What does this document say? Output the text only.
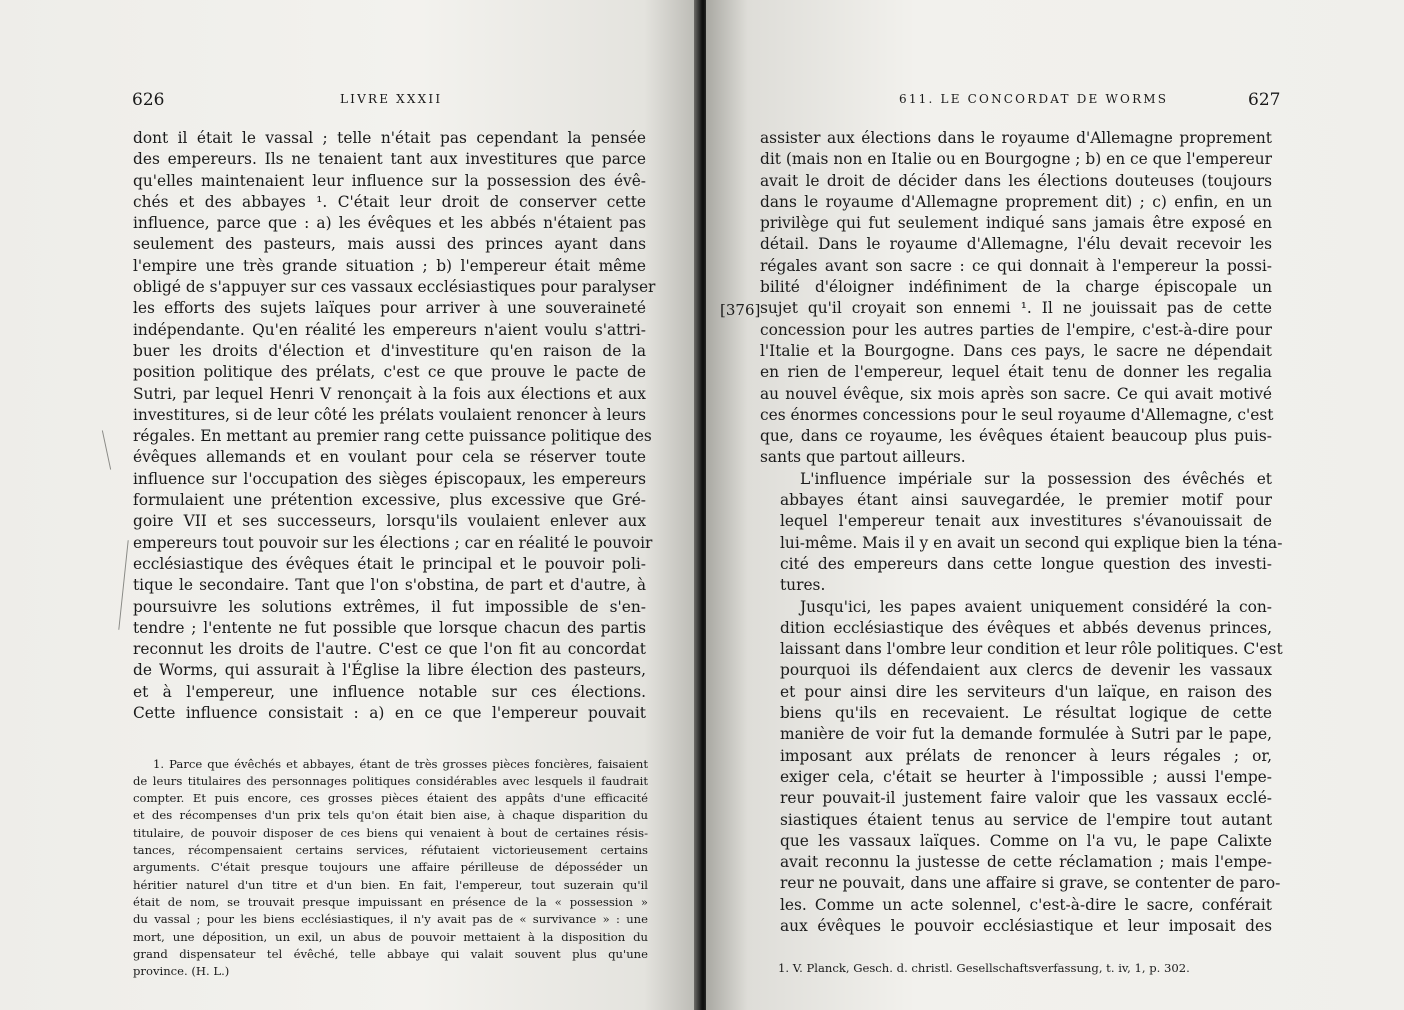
626	LIVRE XXXII

dont il était le vassal ; telle n'était pas cependant la pensée
des empereurs. Ils ne tenaient tant aux investitures que parce
qu'elles maintenaient leur influence sur la possession des évê-
chés et des abbayes ¹. C'était leur droit de conserver cette
influence, parce que : a) les évêques et les abbés n'étaient pas
seulement des pasteurs, mais aussi des princes ayant dans
l'empire une très grande situation ; b) l'empereur était même
obligé de s'appuyer sur ces vassaux ecclésiastiques pour paralyser
les efforts des sujets laïques pour arriver à une souveraineté
indépendante. Qu'en réalité les empereurs n'aient voulu s'attri-
buer les droits d'élection et d'investiture qu'en raison de la
position politique des prélats, c'est ce que prouve le pacte de
Sutri, par lequel Henri V renonçait à la fois aux élections et aux
investitures, si de leur côté les prélats voulaient renoncer à leurs
régales. En mettant au premier rang cette puissance politique des
évêques allemands et en voulant pour cela se réserver toute
influence sur l'occupation des sièges épiscopaux, les empereurs
formulaient une prétention excessive, plus excessive que Gré-
goire VII et ses successeurs, lorsqu'ils voulaient enlever aux
empereurs tout pouvoir sur les élections ; car en réalité le pouvoir
ecclésiastique des évêques était le principal et le pouvoir poli-
tique le secondaire. Tant que l'on s'obstina, de part et d'autre, à
poursuivre les solutions extrêmes, il fut impossible de s'en-
tendre ; l'entente ne fut possible que lorsque chacun des partis
reconnut les droits de l'autre. C'est ce que l'on fit au concordat
de Worms, qui assurait à l'Église la libre élection des pasteurs,
et à l'empereur, une influence notable sur ces élections.
Cette influence consistait : a) en ce que l'empereur pouvait

1. Parce que évêchés et abbayes, étant de très grosses pièces foncières, faisaient
de leurs titulaires des personnages politiques considérables avec lesquels il faudrait
compter. Et puis encore, ces grosses pièces étaient des appâts d'une efficacité
et des récompenses d'un prix tels qu'on était bien aise, à chaque disparition du
titulaire, de pouvoir disposer de ces biens qui venaient à bout de certaines résis-
tances, récompensaient certains services, réfutaient victorieusement certains
arguments. C'était presque toujours une affaire périlleuse de déposséder un
héritier naturel d'un titre et d'un bien. En fait, l'empereur, tout suzerain qu'il
était de nom, se trouvait presque impuissant en présence de la « possession »
du vassal ; pour les biens ecclésiastiques, il n'y avait pas de « survivance » : une
mort, une déposition, un exil, un abus de pouvoir mettaient à la disposition du
grand dispensateur tel évêché, telle abbaye qui valait souvent plus qu'une
province. (H. L.)

611. LE CONCORDAT DE WORMS	627

assister aux élections dans le royaume d'Allemagne proprement
dit (mais non en Italie ou en Bourgogne ; b) en ce que l'empereur
avait le droit de décider dans les élections douteuses (toujours
dans le royaume d'Allemagne proprement dit) ; c) enfin, en un
privilège qui fut seulement indiqué sans jamais être exposé en
détail. Dans le royaume d'Allemagne, l'élu devait recevoir les
régales avant son sacre : ce qui donnait à l'empereur la possi-
bilité d'éloigner indéfiniment de la charge épiscopale un
sujet qu'il croyait son ennemi ¹. Il ne jouissait pas de cette
concession pour les autres parties de l'empire, c'est-à-dire pour
l'Italie et la Bourgogne. Dans ces pays, le sacre ne dépendait
en rien de l'empereur, lequel était tenu de donner les regalia
au nouvel évêque, six mois après son sacre. Ce qui avait motivé
ces énormes concessions pour le seul royaume d'Allemagne, c'est
que, dans ce royaume, les évêques étaient beaucoup plus puis-
sants que partout ailleurs.

L'influence impériale sur la possession des évêchés et
abbayes étant ainsi sauvegardée, le premier motif pour
lequel l'empereur tenait aux investitures s'évanouissait de
lui-même. Mais il y en avait un second qui explique bien la téna-
cité des empereurs dans cette longue question des investi-
tures.

Jusqu'ici, les papes avaient uniquement considéré la con-
dition ecclésiastique des évêques et abbés devenus princes,
laissant dans l'ombre leur condition et leur rôle politiques. C'est
pourquoi ils défendaient aux clercs de devenir les vassaux
et pour ainsi dire les serviteurs d'un laïque, en raison des
biens qu'ils en recevaient. Le résultat logique de cette
manière de voir fut la demande formulée à Sutri par le pape,
imposant aux prélats de renoncer à leurs régales ; or,
exiger cela, c'était se heurter à l'impossible ; aussi l'empe-
reur pouvait-il justement faire valoir que les vassaux ecclé-
siastiques étaient tenus au service de l'empire tout autant
que les vassaux laïques. Comme on l'a vu, le pape Calixte
avait reconnu la justesse de cette réclamation ; mais l'empe-
reur ne pouvait, dans une affaire si grave, se contenter de paro-
les. Comme un acte solennel, c'est-à-dire le sacre, conférait
aux évêques le pouvoir ecclésiastique et leur imposait des

1. V. Planck, Gesch. d. christl. Gesellschaftsverfassung, t. iv, 1, p. 302.
[376]
